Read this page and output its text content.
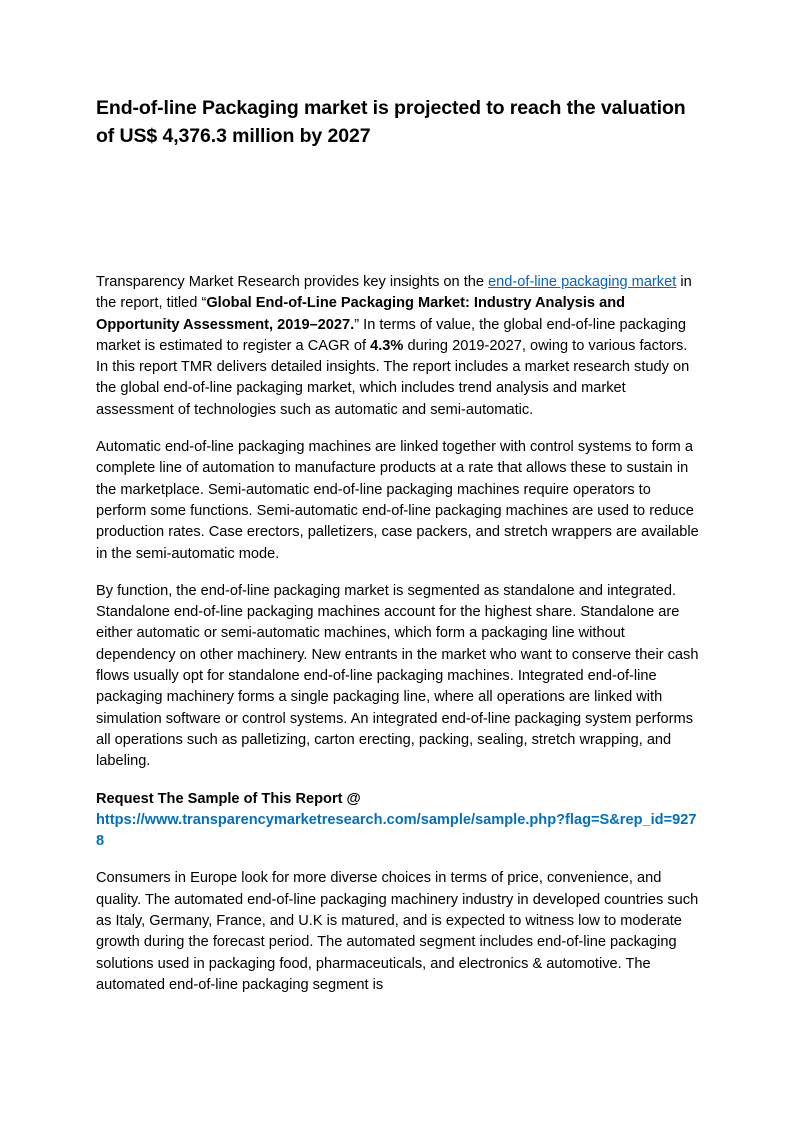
End-of-line Packaging market is projected to reach the valuation of US$ 4,376.3 million by 2027

Transparency Market Research provides key insights on the end-of-line packaging market in the report, titled “Global End-of-Line Packaging Market: Industry Analysis and Opportunity Assessment, 2019–2027.” In terms of value, the global end-of-line packaging market is estimated to register a CAGR of 4.3% during 2019-2027, owing to various factors. In this report TMR delivers detailed insights. The report includes a market research study on the global end-of-line packaging market, which includes trend analysis and market assessment of technologies such as automatic and semi-automatic.

Automatic end-of-line packaging machines are linked together with control systems to form a complete line of automation to manufacture products at a rate that allows these to sustain in the marketplace. Semi-automatic end-of-line packaging machines require operators to perform some functions. Semi-automatic end-of-line packaging machines are used to reduce production rates. Case erectors, palletizers, case packers, and stretch wrappers are available in the semi-automatic mode.

By function, the end-of-line packaging market is segmented as standalone and integrated. Standalone end-of-line packaging machines account for the highest share. Standalone are either automatic or semi-automatic machines, which form a packaging line without dependency on other machinery. New entrants in the market who want to conserve their cash flows usually opt for standalone end-of-line packaging machines. Integrated end-of-line packaging machinery forms a single packaging line, where all operations are linked with simulation software or control systems. An integrated end-of-line packaging system performs all operations such as palletizing, carton erecting, packing, sealing, stretch wrapping, and labeling.

Request The Sample of This Report @
https://www.transparencymarketresearch.com/sample/sample.php?flag=S&rep_id=9278

Consumers in Europe look for more diverse choices in terms of price, convenience, and quality. The automated end-of-line packaging machinery industry in developed countries such as Italy, Germany, France, and U.K is matured, and is expected to witness low to moderate growth during the forecast period. The automated segment includes end-of-line packaging solutions used in packaging food, pharmaceuticals, and electronics & automotive. The automated end-of-line packaging segment is
